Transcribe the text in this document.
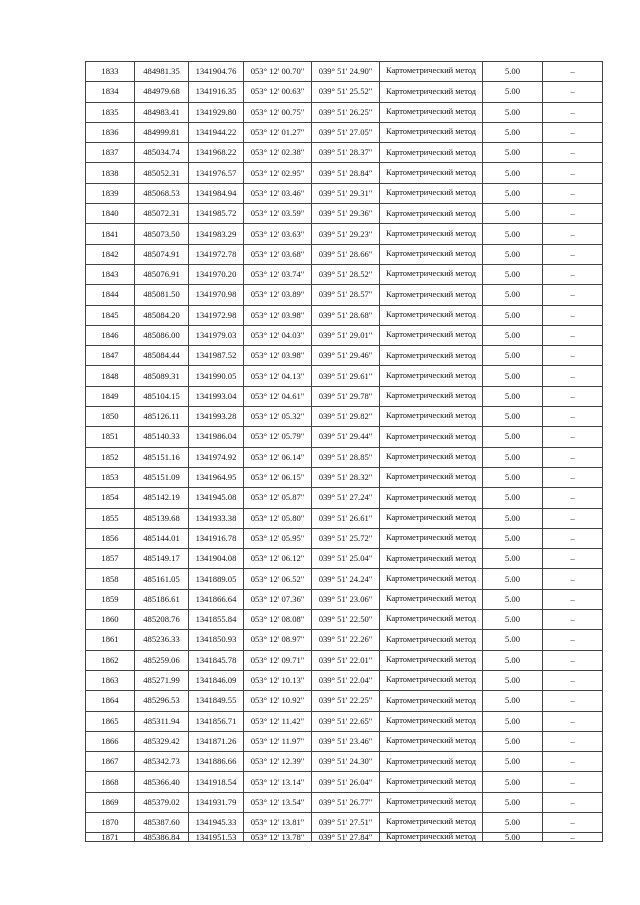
1833	484981.35	1341904.76	053° 12' 00.70"	039° 51' 24.90"	Картометрический метод	5.00	–
1834	484979.68	1341916.35	053° 12' 00.63"	039° 51' 25.52"	Картометрический метод	5.00	–
1835	484983.41	1341929.80	053° 12' 00.75"	039° 51' 26.25"	Картометрический метод	5.00	–
1836	484999.81	1341944.22	053° 12' 01.27"	039° 51' 27.05"	Картометрический метод	5.00	–
1837	485034.74	1341968.22	053° 12' 02.38"	039° 51' 28.37"	Картометрический метод	5.00	–
1838	485052.31	1341976.57	053° 12' 02.95"	039° 51' 28.84"	Картометрический метод	5.00	–
1839	485068.53	1341984.94	053° 12' 03.46"	039° 51' 29.31"	Картометрический метод	5.00	–
1840	485072.31	1341985.72	053° 12' 03.59"	039° 51' 29.36"	Картометрический метод	5.00	–
1841	485073.50	1341983.29	053° 12' 03.63"	039° 51' 29.23"	Картометрический метод	5.00	–
1842	485074.91	1341972.78	053° 12' 03.68"	039° 51' 28.66"	Картометрический метод	5.00	–
1843	485076.91	1341970.20	053° 12' 03.74"	039° 51' 28.52"	Картометрический метод	5.00	–
1844	485081.50	1341970.98	053° 12' 03.89"	039° 51' 28.57"	Картометрический метод	5.00	–
1845	485084.20	1341972.98	053° 12' 03.98"	039° 51' 28.68"	Картометрический метод	5.00	–
1846	485086.00	1341979.03	053° 12' 04.03"	039° 51' 29.01"	Картометрический метод	5.00	–
1847	485084.44	1341987.52	053° 12' 03.98"	039° 51' 29.46"	Картометрический метод	5.00	–
1848	485089.31	1341990.05	053° 12' 04.13"	039° 51' 29.61"	Картометрический метод	5.00	–
1849	485104.15	1341993.04	053° 12' 04.61"	039° 51' 29.78"	Картометрический метод	5.00	–
1850	485126.11	1341993.28	053° 12' 05.32"	039° 51' 29.82"	Картометрический метод	5.00	–
1851	485140.33	1341986.04	053° 12' 05.79"	039° 51' 29.44"	Картометрический метод	5.00	–
1852	485151.16	1341974.92	053° 12' 06.14"	039° 51' 28.85"	Картометрический метод	5.00	–
1853	485151.09	1341964.95	053° 12' 06.15"	039° 51' 28.32"	Картометрический метод	5.00	–
1854	485142.19	1341945.08	053° 12' 05.87"	039° 51' 27.24"	Картометрический метод	5.00	–
1855	485139.68	1341933.38	053° 12' 05.80"	039° 51' 26.61"	Картометрический метод	5.00	–
1856	485144.01	1341916.78	053° 12' 05.95"	039° 51' 25.72"	Картометрический метод	5.00	–
1857	485149.17	1341904.08	053° 12' 06.12"	039° 51' 25.04"	Картометрический метод	5.00	–
1858	485161.05	1341889.05	053° 12' 06.52"	039° 51' 24.24"	Картометрический метод	5.00	–
1859	485186.61	1341866.64	053° 12' 07.36"	039° 51' 23.06"	Картометрический метод	5.00	–
1860	485208.76	1341855.84	053° 12' 08.08"	039° 51' 22.50"	Картометрический метод	5.00	–
1861	485236.33	1341850.93	053° 12' 08.97"	039° 51' 22.26"	Картометрический метод	5.00	–
1862	485259.06	1341845.78	053° 12' 09.71"	039° 51' 22.01"	Картометрический метод	5.00	–
1863	485271.99	1341846.09	053° 12' 10.13"	039° 51' 22.04"	Картометрический метод	5.00	–
1864	485296.53	1341849.55	053° 12' 10.92"	039° 51' 22.25"	Картометрический метод	5.00	–
1865	485311.94	1341856.71	053° 12' 11.42"	039° 51' 22.65"	Картометрический метод	5.00	–
1866	485329.42	1341871.26	053° 12' 11.97"	039° 51' 23.46"	Картометрический метод	5.00	–
1867	485342.73	1341886.66	053° 12' 12.39"	039° 51' 24.30"	Картометрический метод	5.00	–
1868	485366.40	1341918.54	053° 12' 13.14"	039° 51' 26.04"	Картометрический метод	5.00	–
1869	485379.02	1341931.79	053° 12' 13.54"	039° 51' 26.77"	Картометрический метод	5.00	–
1870	485387.60	1341945.33	053° 12' 13.81"	039° 51' 27.51"	Картометрический метод	5.00	–
1871	485386.84	1341951.53	053° 12' 13.78"	039° 51' 27.84"	Картометрический метод	5.00	–
